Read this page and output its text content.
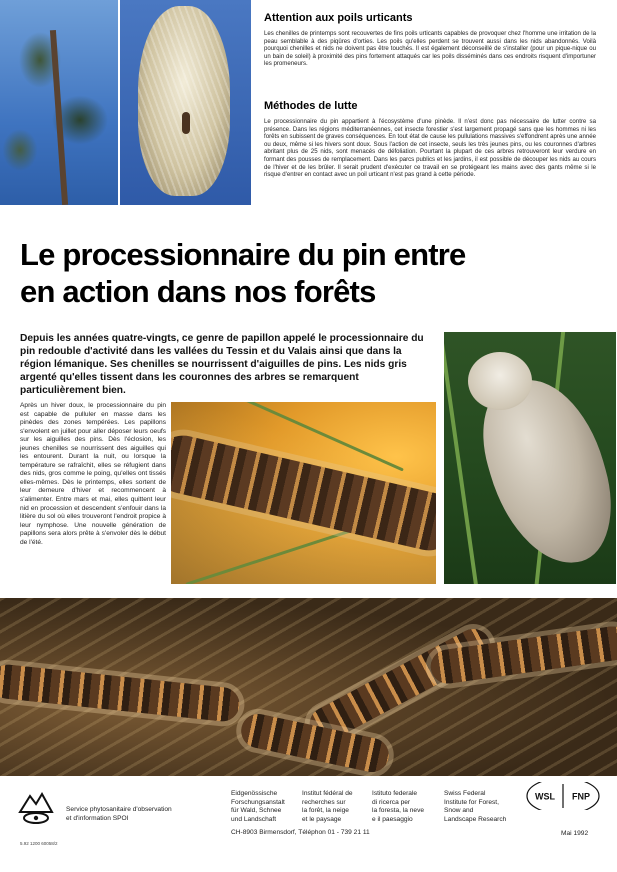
Attention aux poils urticants
Les chenilles de printemps sont recouvertes de fins poils urticants capables de provoquer chez l'homme une irritation de la peau semblable à des piqûres d'orties. Les poils qu'elles perdent se trouvent aussi dans les nids abandonnés. Voilà pourquoi chenilles et nids ne doivent pas être touchés. Il est également déconseillé de s'installer (pour un pique-nique ou un bain de soleil) à proximité des pins fortement attaqués car les poils disséminés dans ces endroits risquent d'importuner les promeneurs.
Méthodes de lutte
Le processionnaire du pin appartient à l'écosystème d'une pinède. Il n'est donc pas nécessaire de lutter contre sa présence. Dans les régions méditerranéennes, cet insecte forestier s'est largement propagé sans que les hommes ni les forêts en subissent de graves conséquences. En tout état de cause les pullulations massives s'effondrent après une année ou deux, même si les hivers sont doux. Sous l'action de cet insecte, seuls les très jeunes pins, ou les couronnes d'arbres abritant plus de 25 nids, sont menacés de défoliation. Pourtant la plupart de ces arbres retrouveront leur verdure en formant des pousses de remplacement. Dans les parcs publics et les jardins, il est possible de découper les nids au cours de l'hiver et de les brûler. Il serait prudent d'exécuter ce travail en se protégeant les mains avec des gants même si le risque d'entrer en contact avec un poil urticant n'est pas grand à cette période.
Le processionnaire du pin entre
en action dans nos forêts
Depuis les années quatre-vingts, ce genre de papillon appelé le processionnaire du pin redouble d'activité dans les vallées du Tessin et du Valais ainsi que dans la région lémanique. Ses chenilles se nourrissent d'aiguilles de pins. Les nids gris argenté qu'elles tissent dans les couronnes des arbres se remarquent particulièrement bien.
Après un hiver doux, le processionnaire du pin est capable de pulluler en masse dans les pinèdes des zones tempérées. Les papillons s'envolent en juillet pour aller déposer leurs oeufs sur les aiguilles des pins. Dès l'éclosion, les jeunes chenilles se nourrissent des aiguilles qui les entourent. Durant la nuit, ou lorsque la température se rafraîchit, elles se réfugient dans des nids, gros comme le poing, qu'elles ont tissés elles-mêmes. Dès le printemps, elles sortent de leur demeure d'hiver et recommencent à s'alimenter. Entre mars et mai, elles quittent leur nid en procession et descendent s'enfouir dans la litière du sol où elles trouveront l'endroit propice à leur nymphose. Une nouvelle génération de papillons sera alors prête à s'envoler dès le début de l'été.
Service phytosanitaire d'observation
et d'information SPOI
Eidgenössische
Forschungsanstalt
für Wald, Schnee
und Landschaft
Institut fédéral de
recherches sur
la forêt, la neige
et le paysage
Istituto federale
di ricerca per
la foresta, la neve
e il paesaggio
Swiss Federal
Institute for Forest,
Snow and
Landscape Research
WSL FNP
CH-8903 Birmensdorf, Téléphon 01 - 739 21 11	Mai 1992
5.92 1200 60058/2
